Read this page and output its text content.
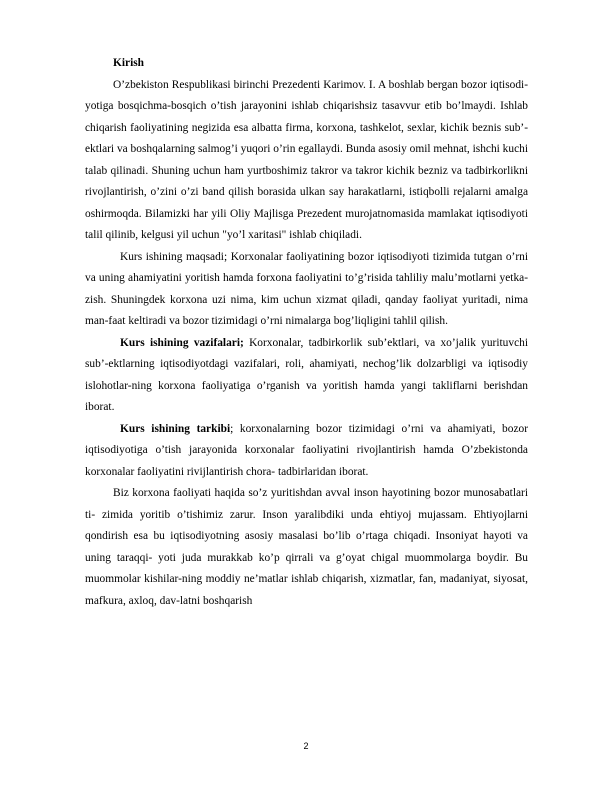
Kirish

O’zbekiston Respublikasi birinchi Prezedenti Karimov. I. A boshlab bergan bozor iqtisodi-yotiga bosqichma-bosqich o’tish jarayonini ishlab chiqarishsiz tasavvur etib bo’lmaydi. Ishlab chiqarish faoliyatining negizida esa albatta firma, korxona, tashkelot, sexlar, kichik beznis sub’-ektlari va boshqalarning salmog’i yuqori o’rin egallaydi. Bunda asosiy omil mehnat, ishchi kuchi talab qilinadi. Shuning uchun ham yurtboshimiz takror va takror kichik bezniz va tadbirkorlikni rivojlantirish, o’zini o’zi band qilish borasida ulkan say harakatlarni, istiqbolli rejalarni amalga oshirmoqda. Bilamizki har yili Oliy Majlisga Prezedent murojatnomasida mamlakat iqtisodiyoti talil qilinib, kelgusi yil uchun "yo’l xaritasi" ishlab chiqiladi.

Kurs ishining maqsadi; Korxonalar faoliyatining bozor iqtisodiyoti tizimida tutgan o’rni va uning ahamiyatini yoritish hamda forxona faoliyatini to’g’risida tahliliy malu’motlarni yetka-zish. Shuningdek korxona uzi nima, kim uchun xizmat qiladi, qanday faoliyat yuritadi, nima man-faat keltiradi va bozor tizimidagi o’rni nimalarga bog’liqligini tahlil qilish.

Kurs ishining vazifalari; Korxonalar, tadbirkorlik sub’ektlari, va xo’jalik yurituvchi sub’-ektlarning iqtisodiyotdagi vazifalari, roli, ahamiyati, nechog’lik dolzarbligi va iqtisodiy islohotlar-ning korxona faoliyatiga o’rganish va yoritish hamda yangi takliflarni berishdan iborat.

Kurs ishining tarkibi; korxonalarning bozor tizimidagi o’rni va ahamiyati, bozor iqtisodiyotiga o’tish jarayonida korxonalar faoliyatini rivojlantirish hamda O’zbekistonda korxonalar faoliyatini rivijlantirish chora- tadbirlaridan iborat.

Biz korxona faoliyati haqida so’z yuritishdan avval inson hayotining bozor munosabatlari ti- zimida yoritib o’tishimiz zarur. Inson yaralibdiki unda ehtiyoj mujassam. Ehtiyojlarni qondirish esa bu iqtisodiyotning asosiy masalasi bo’lib o’rtaga chiqadi. Insoniyat hayoti va uning taraqqi- yoti juda murakkab ko’p qirrali va g’oyat chigal muommolarga boydir. Bu muommolar kishilar-ning moddiy ne’matlar ishlab chiqarish, xizmatlar, fan, madaniyat, siyosat, mafkura, axloq, dav-latni boshqarish

2
